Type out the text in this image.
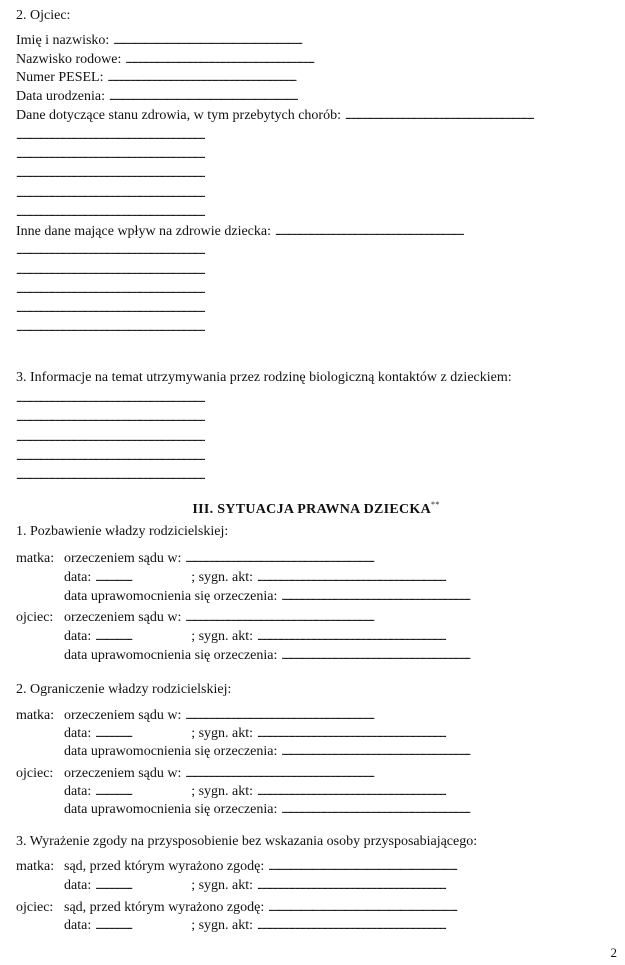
2. Ojciec:
Imię i nazwisko:
. . .
Nazwisko rodowe:
. . .
Numer PESEL:
. . .
Data urodzenia:
. . .
Dane dotyczące stanu zdrowia, w tym przebytych chorób:
. . .
. . .
. . .
. . .
. . .
. . .
Inne dane mające wpływ na zdrowie dziecka:
. . .
. . .
. . .
. . .
. . .
. . .
3. Informacje na temat utrzymywania przez rodzinę biologiczną kontaktów z dzieckiem:
. . .
. . .
. . .
. . .
. . .
III. SYTUACJA PRAWNA DZIECKA**
1. Pozbawienie władzy rodzicielskiej:
matka: orzeczeniem sądu w:
. . .
data: . . .	; sygn. akt:
. . .
data uprawomocnienia się orzeczenia:
. . .
ojciec: orzeczeniem sądu w:
. . .
data: . . .	; sygn. akt:
. . .
data uprawomocnienia się orzeczenia:
. . .
2. Ograniczenie władzy rodzicielskiej:
matka: orzeczeniem sądu w:
. . .
data: . . .	; sygn. akt:
. . .
data uprawomocnienia się orzeczenia:
. . .
ojciec: orzeczeniem sądu w:
. . .
data: . . .	; sygn. akt:
. . .
data uprawomocnienia się orzeczenia:
. . .
3. Wyrażenie zgody na przysposobienie bez wskazania osoby przysposabiającego:
matka: sąd, przed którym wyrażono zgodę:
. . .
data: . . .	; sygn. akt:
. . .
ojciec: sąd, przed którym wyrażono zgodę:
. . .
data: . . .	; sygn. akt:
. . .
2
